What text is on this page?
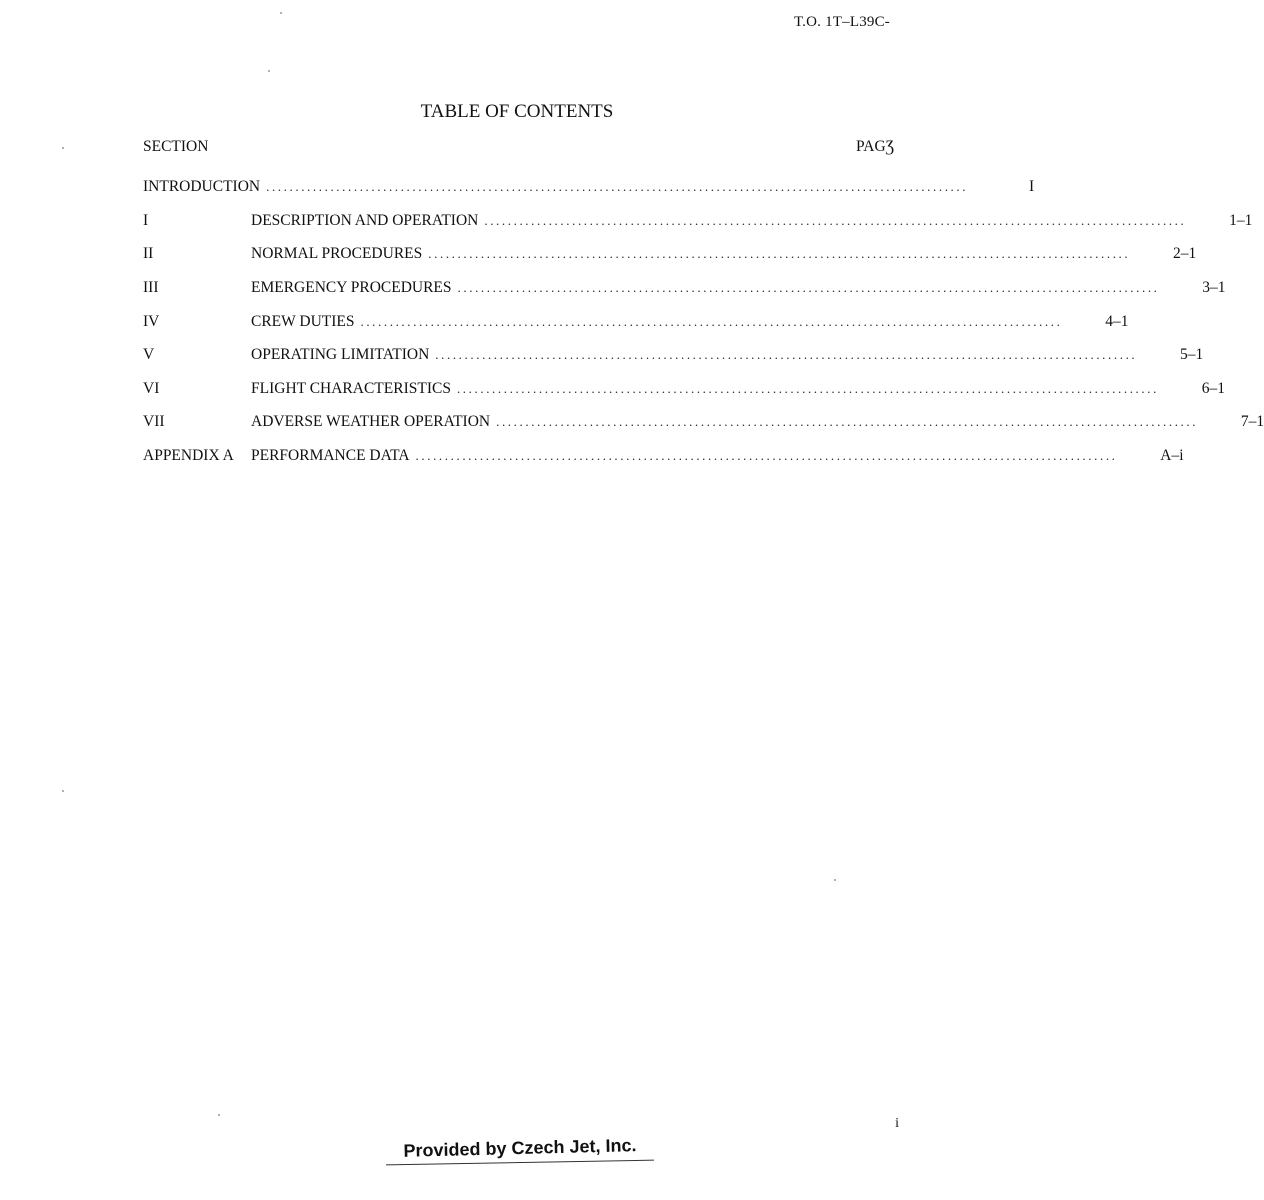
T.O. 1T–L39C-
TABLE OF CONTENTS
SECTION	PAGƷ
INTRODUCTION ........................................................................................................................	I
I	DESCRIPTION AND OPERATION ........................................................................................................................	1–1
II	NORMAL PROCEDURES ........................................................................................................................	2–1
III	EMERGENCY PROCEDURES ........................................................................................................................	3–1
IV	CREW DUTIES ........................................................................................................................	4–1
V	OPERATING LIMITATION ........................................................................................................................	5–1
VI	FLIGHT CHARACTERISTICS ........................................................................................................................	6–1
VII	ADVERSE WEATHER OPERATION ........................................................................................................................	7–1
APPENDIX A	PERFORMANCE DATA ........................................................................................................................	A–i
i
Provided by Czech Jet, Inc.
